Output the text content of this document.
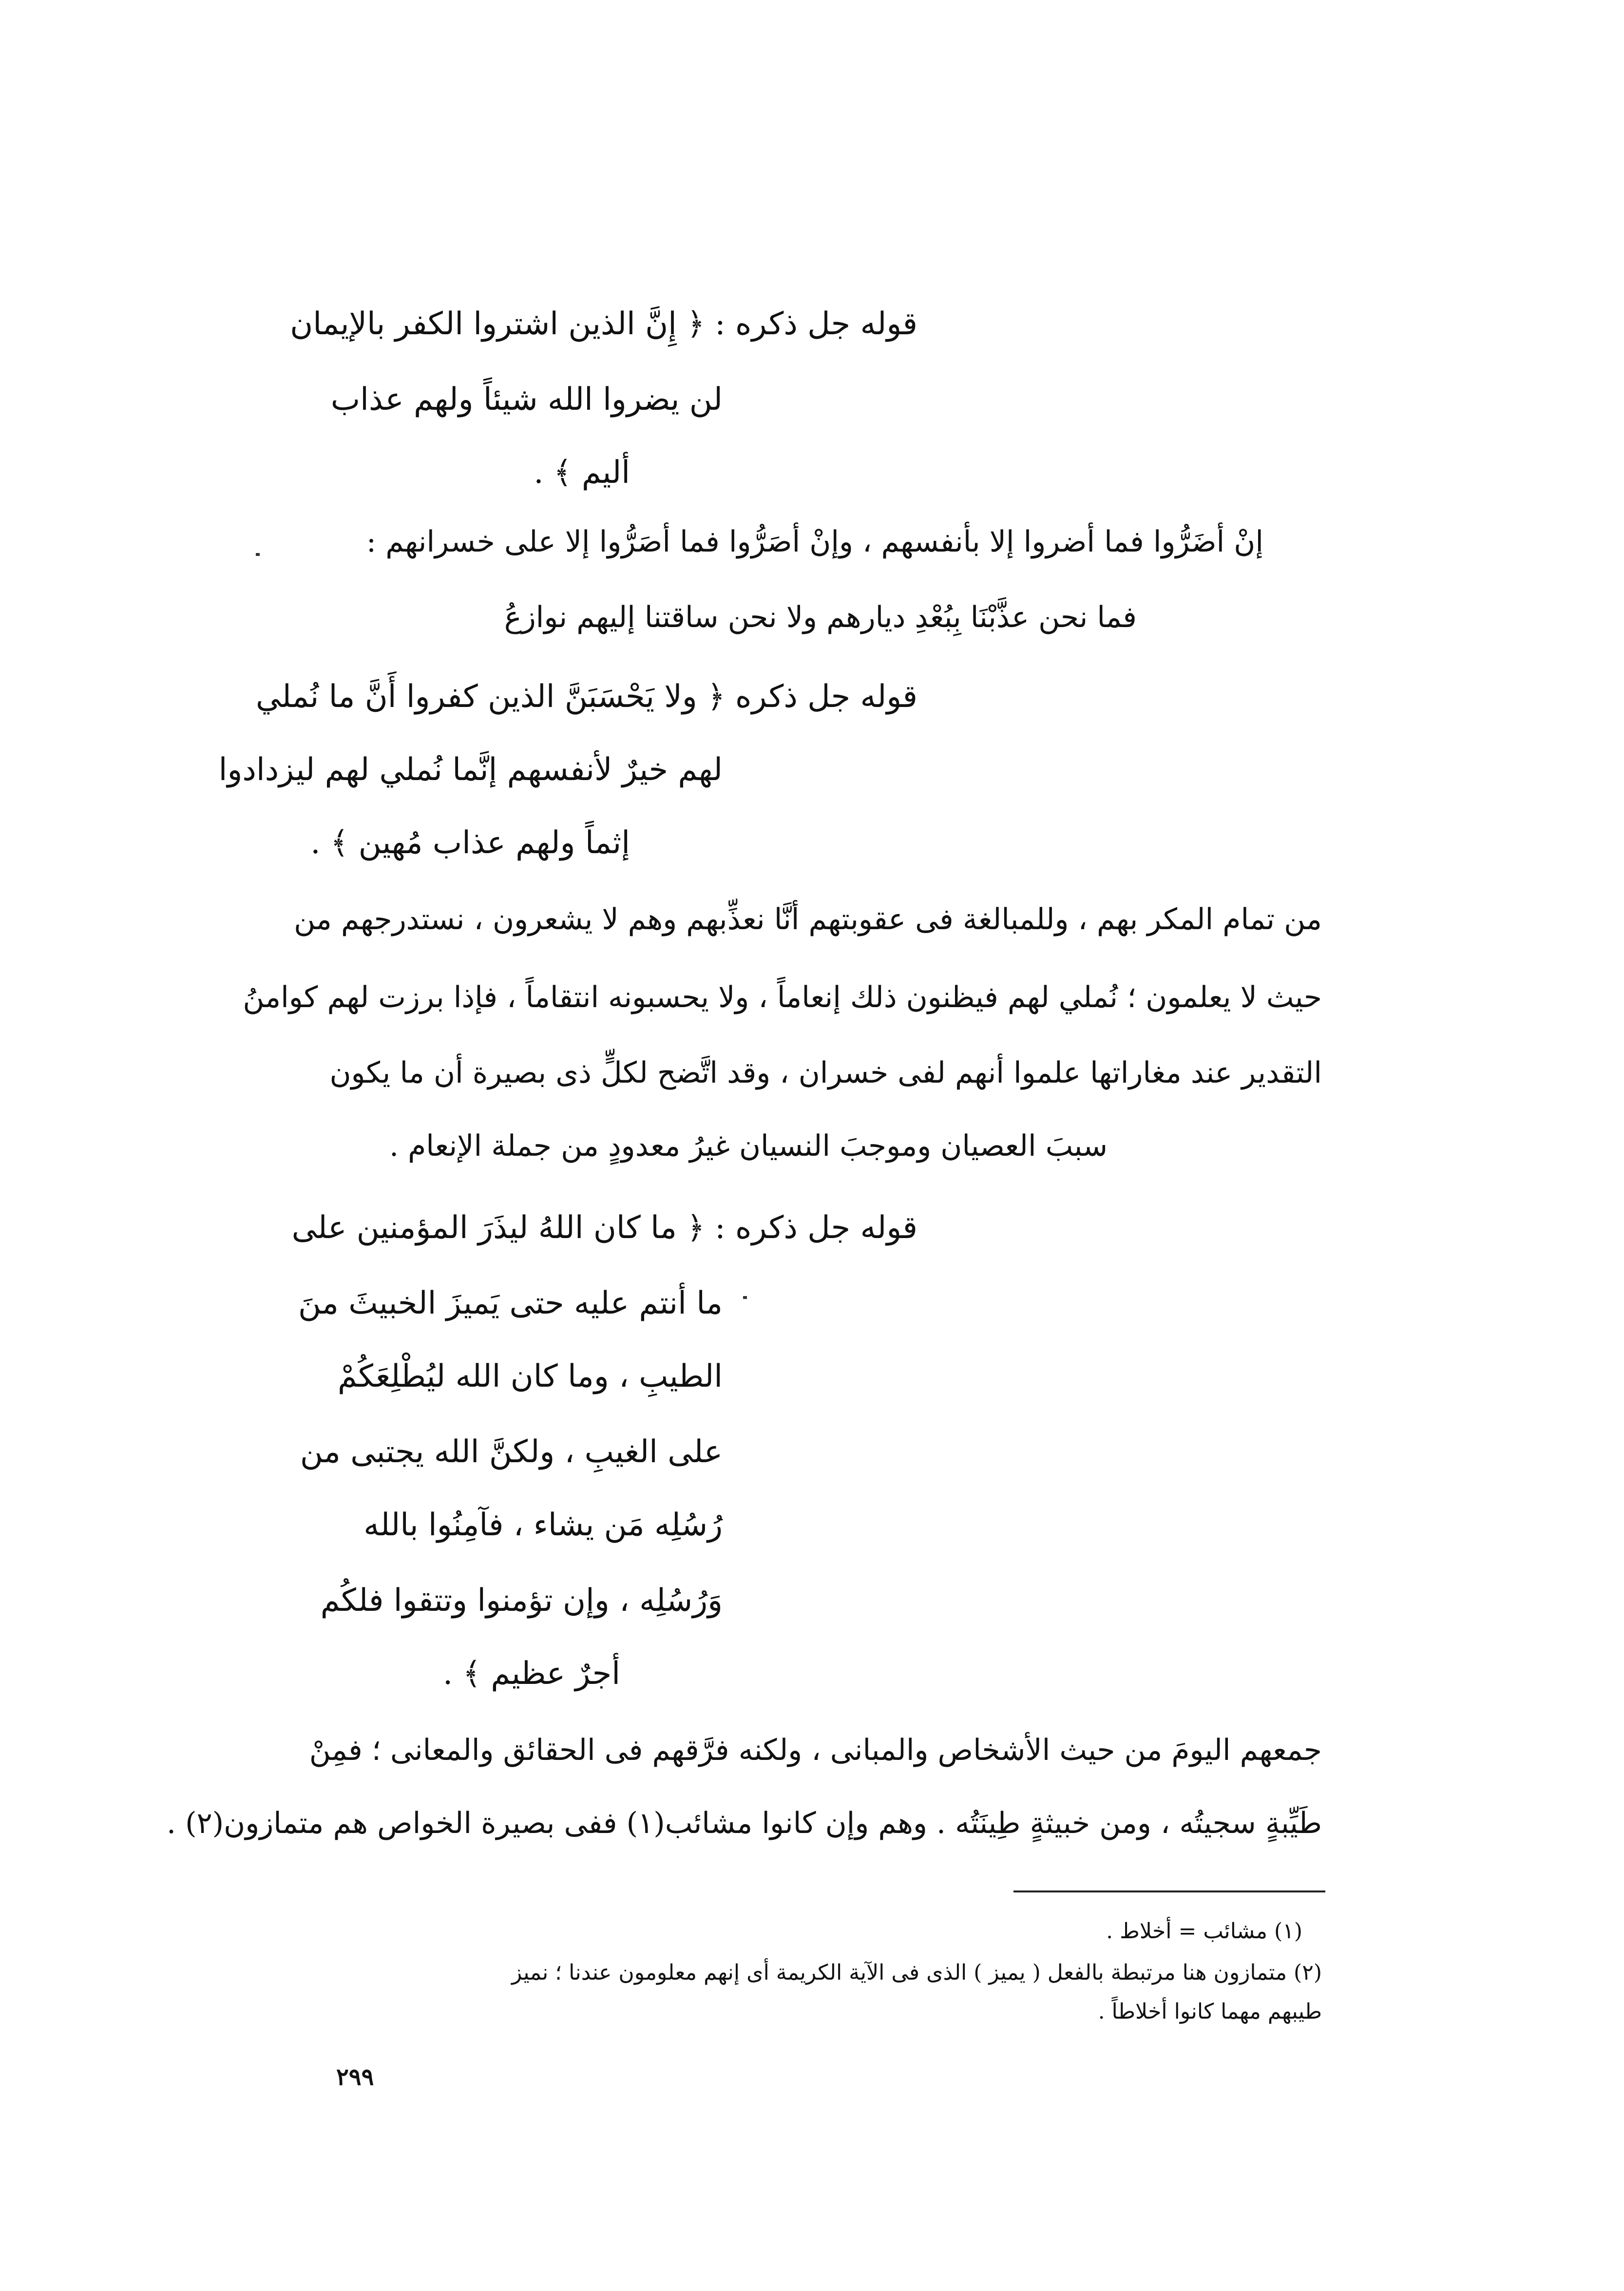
قوله جل ذكره : ﴿ إِنَّ الذين اشتروا الكفر بالإيمان
لن يضروا الله شيئاً ولهم عذاب
أليم ﴾ .
إنْ أضَرُّوا فما أضروا إلا بأنفسهم ، وإنْ أصَرُّوا فما أصَرُّوا إلا على خسرانهم :
فما نحن عذَّبْنَا بِبُعْدِ ديارهم ولا نحن ساقتنا إليهم نوازعُ
قوله جل ذكره ﴿ ولا يَحْسَبَنَّ الذين كفروا أَنَّ ما نُملي
لهم خيرٌ لأنفسهم إنَّما نُملي لهم ليزدادوا
إثماً ولهم عذاب مُهين ﴾ .
من تمام المكر بهم ، وللمبالغة فى عقوبتهم أنَّا نعذِّبهم وهم لا يشعرون ، نستدرجهم من
حيث لا يعلمون ؛ نُملي لهم فيظنون ذلك إنعاماً ، ولا يحسبونه انتقاماً ، فإذا برزت لهم كوامنُ
التقدير عند مغاراتها علموا أنهم لفى خسران ، وقد اتَّضح لكلٍّ ذى بصيرة أن ما يكون
سببَ العصيان وموجبَ النسيان غيرُ معدودٍ من جملة الإنعام .
قوله جل ذكره : ﴿ ما كان اللهُ ليذَرَ المؤمنين على
ما أنتم عليه حتى يَميزَ الخبيثَ منَ
الطيبِ ، وما كان الله ليُطْلِعَكُمْ
على الغيبِ ، ولكنَّ الله يجتبى من
رُسُلِه مَن يشاء ، فآمِنُوا بالله
وَرُسُلِه ، وإن تؤمنوا وتتقوا فلكُم
أجرٌ عظيم ﴾ .
جمعهم اليومَ من حيث الأشخاص والمبانى ، ولكنه فرَّقهم فى الحقائق والمعانى ؛ فمِنْ
طَيِّبةٍ سجيتُه ، ومن خبيثةٍ طِينَتُه . وهم وإن كانوا مشائب(١) ففى بصيرة الخواص هم متمازون(٢) .
(١) مشائب = أخلاط .
(٢) متمازون هنا مرتبطة بالفعل ( يميز ) الذى فى الآية الكريمة أى إنهم معلومون عندنا ؛ نميز
طيبهم مهما كانوا أخلاطاً .
٢٩٩
